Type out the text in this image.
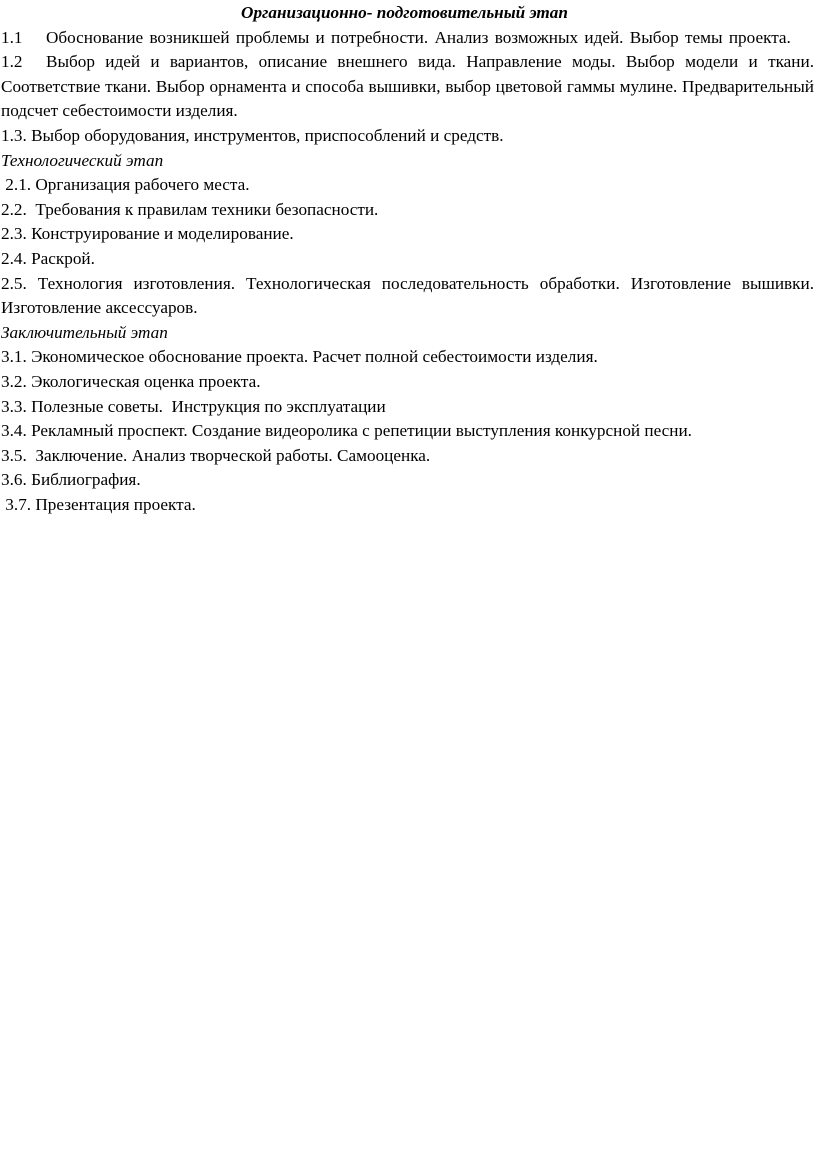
Организационно- подготовительный этап

1.1 Обоснование возникшей проблемы и потребности. Анализ возможных идей. Выбор темы проекта.

1.2 Выбор идей и вариантов, описание внешнего вида. Направление моды. Выбор модели и ткани. Соответствие ткани. Выбор орнамента и способа вышивки, выбор цветовой гаммы мулине. Предварительный подсчет себестоимости изделия.

1.3. Выбор оборудования, инструментов, приспособлений и средств.

Технологический этап

2.1. Организация рабочего места.

2.2.  Требования к правилам техники безопасности.

2.3. Конструирование и моделирование.

2.4. Раскрой.

2.5. Технология изготовления. Технологическая последовательность обработки. Изготовление вышивки. Изготовление аксессуаров.

Заключительный этап

3.1. Экономическое обоснование проекта. Расчет полной себестоимости изделия.

3.2. Экологическая оценка проекта.

3.3. Полезные советы.  Инструкция по эксплуатации

3.4. Рекламный проспект. Создание видеоролика с репетиции выступления конкурсной песни.

3.5.  Заключение. Анализ творческой работы. Самооценка.

3.6. Библиография.

3.7. Презентация проекта.
